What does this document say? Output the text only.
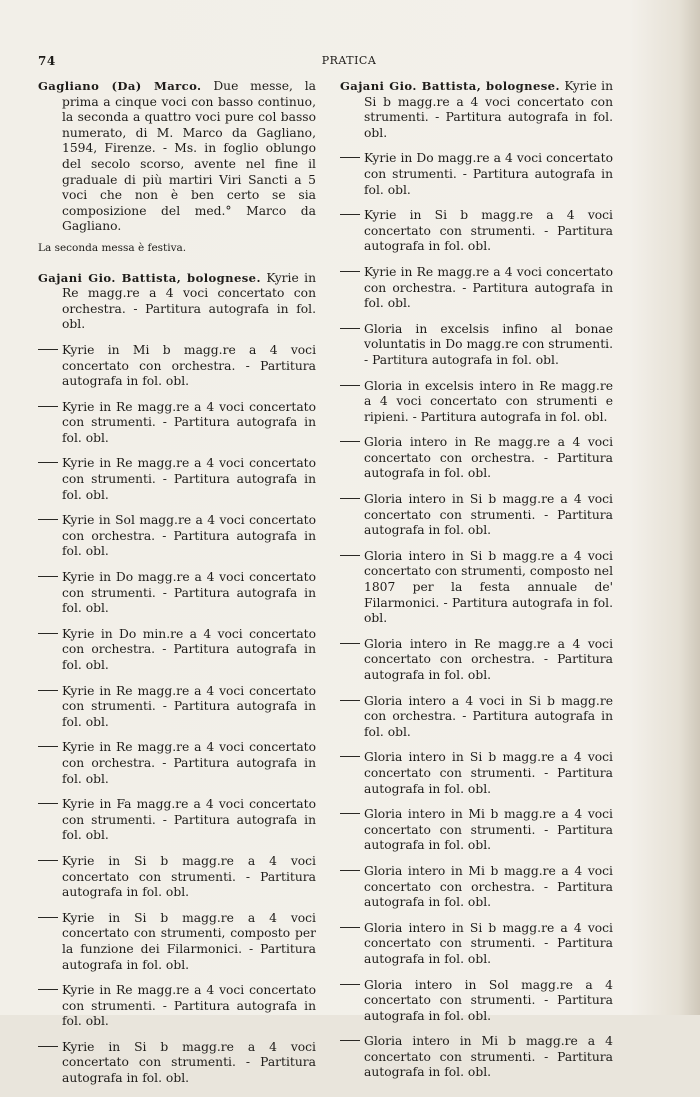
74	PRATICA

Gagliano (Da) Marco. Due messe, la prima a cinque voci con basso continuo, la seconda a quattro voci pure col basso numerato, di M. Marco da Gagliano, 1594, Firenze. - Ms. in foglio oblungo del secolo scorso, avente nel fine il graduale di più martiri Viri Sancti a 5 voci che non è ben certo se sia composizione del med.° Marco da Gagliano.

La seconda messa è festiva.

Gajani Gio. Battista, bolognese. Kyrie in Re magg.re a 4 voci concertato con orchestra. - Partitura autografa in fol. obl.

Kyrie in Mi b magg.re a 4 voci concertato con orchestra. - Partitura autografa in fol. obl.

Kyrie in Re magg.re a 4 voci concertato con strumenti. - Partitura autografa in fol. obl.

Kyrie in Re magg.re a 4 voci concertato con strumenti. - Partitura autografa in fol. obl.

Kyrie in Sol magg.re a 4 voci concertato con orchestra. - Partitura autografa in fol. obl.

Kyrie in Do magg.re a 4 voci concertato con strumenti. - Partitura autografa in fol. obl.

Kyrie in Do min.re a 4 voci concertato con orchestra. - Partitura autografa in fol. obl.

Kyrie in Re magg.re a 4 voci concertato con strumenti. - Partitura autografa in fol. obl.

Kyrie in Re magg.re a 4 voci concertato con orchestra. - Partitura autografa in fol. obl.

Kyrie in Fa magg.re a 4 voci concertato con strumenti. - Partitura autografa in fol. obl.

Kyrie in Si b magg.re a 4 voci concertato con strumenti. - Partitura autografa in fol. obl.

Kyrie in Si b magg.re a 4 voci concertato con strumenti, composto per la funzione dei Filarmonici. - Partitura autografa in fol. obl.

Kyrie in Re magg.re a 4 voci concertato con strumenti. - Partitura autografa in fol. obl.

Kyrie in Si b magg.re a 4 voci concertato con strumenti. - Partitura autografa in fol. obl.

Gajani Gio. Battista, bolognese. Kyrie in Si b magg.re a 4 voci concertato con strumenti. - Partitura autografa in fol. obl.

Kyrie in Do magg.re a 4 voci concertato con strumenti. - Partitura autografa in fol. obl.

Kyrie in Si b magg.re a 4 voci concertato con strumenti. - Partitura autografa in fol. obl.

Kyrie in Re magg.re a 4 voci concertato con orchestra. - Partitura autografa in fol. obl.

Gloria in excelsis infino al bonae voluntatis in Do magg.re con strumenti. - Partitura autografa in fol. obl.

Gloria in excelsis intero in Re magg.re a 4 voci concertato con strumenti e ripieni. - Partitura autografa in fol. obl.

Gloria intero in Re magg.re a 4 voci concertato con orchestra. - Partitura autografa in fol. obl.

Gloria intero in Si b magg.re a 4 voci concertato con strumenti. - Partitura autografa in fol. obl.

Gloria intero in Si b magg.re a 4 voci concertato con strumenti, composto nel 1807 per la festa annuale de' Filarmonici. - Partitura autografa in fol. obl.

Gloria intero in Re magg.re a 4 voci concertato con orchestra. - Partitura autografa in fol. obl.

Gloria intero a 4 voci in Si b magg.re con orchestra. - Partitura autografa in fol. obl.

Gloria intero in Si b magg.re a 4 voci concertato con strumenti. - Partitura autografa in fol. obl.

Gloria intero in Mi b magg.re a 4 voci concertato con strumenti. - Partitura autografa in fol. obl.

Gloria intero in Mi b magg.re a 4 voci concertato con orchestra. - Partitura autografa in fol. obl.

Gloria intero in Si b magg.re a 4 voci concertato con strumenti. - Partitura autografa in fol. obl.

Gloria intero in Sol magg.re a 4 concertato con strumenti. - Partitura autografa in fol. obl.

Gloria intero in Mi b magg.re a 4 concertato con strumenti. - Partitura autografa in fol. obl.
